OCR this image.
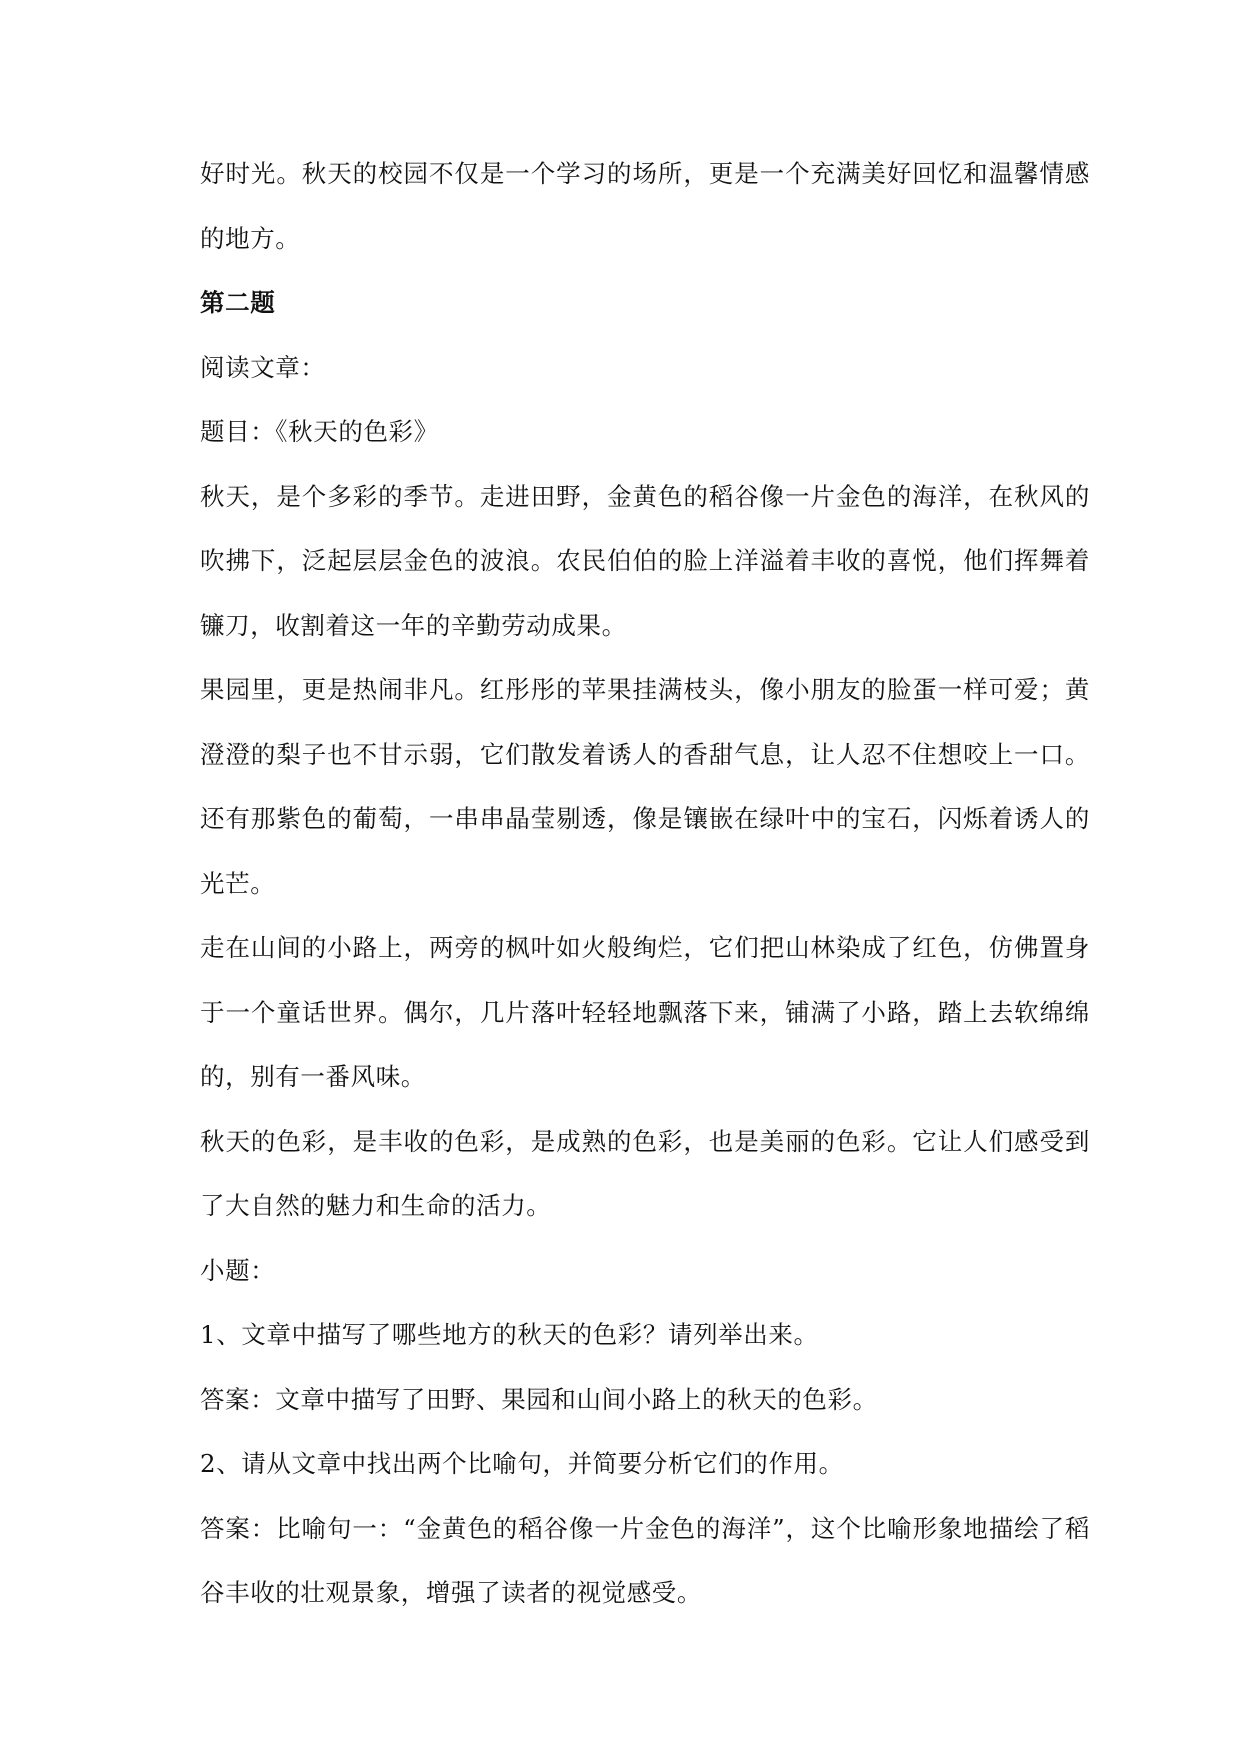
好时光。秋天的校园不仅是一个学习的场所，更是一个充满美好回忆和温馨情感的地方。

第二题

阅读文章：

题目：《秋天的色彩》

秋天，是个多彩的季节。走进田野，金黄色的稻谷像一片金色的海洋，在秋风的吹拂下，泛起层层金色的波浪。农民伯伯的脸上洋溢着丰收的喜悦，他们挥舞着镰刀，收割着这一年的辛勤劳动成果。

果园里，更是热闹非凡。红彤彤的苹果挂满枝头，像小朋友的脸蛋一样可爱；黄澄澄的梨子也不甘示弱，它们散发着诱人的香甜气息，让人忍不住想咬上一口。还有那紫色的葡萄，一串串晶莹剔透，像是镶嵌在绿叶中的宝石，闪烁着诱人的光芒。

走在山间的小路上，两旁的枫叶如火般绚烂，它们把山林染成了红色，仿佛置身于一个童话世界。偶尔，几片落叶轻轻地飘落下来，铺满了小路，踏上去软绵绵的，别有一番风味。

秋天的色彩，是丰收的色彩，是成熟的色彩，也是美丽的色彩。它让人们感受到了大自然的魅力和生命的活力。

小题：

1、文章中描写了哪些地方的秋天的色彩？请列举出来。

答案：文章中描写了田野、果园和山间小路上的秋天的色彩。

2、请从文章中找出两个比喻句，并简要分析它们的作用。

答案：比喻句一：“金黄色的稻谷像一片金色的海洋”，这个比喻形象地描绘了稻谷丰收的壮观景象，增强了读者的视觉感受。
